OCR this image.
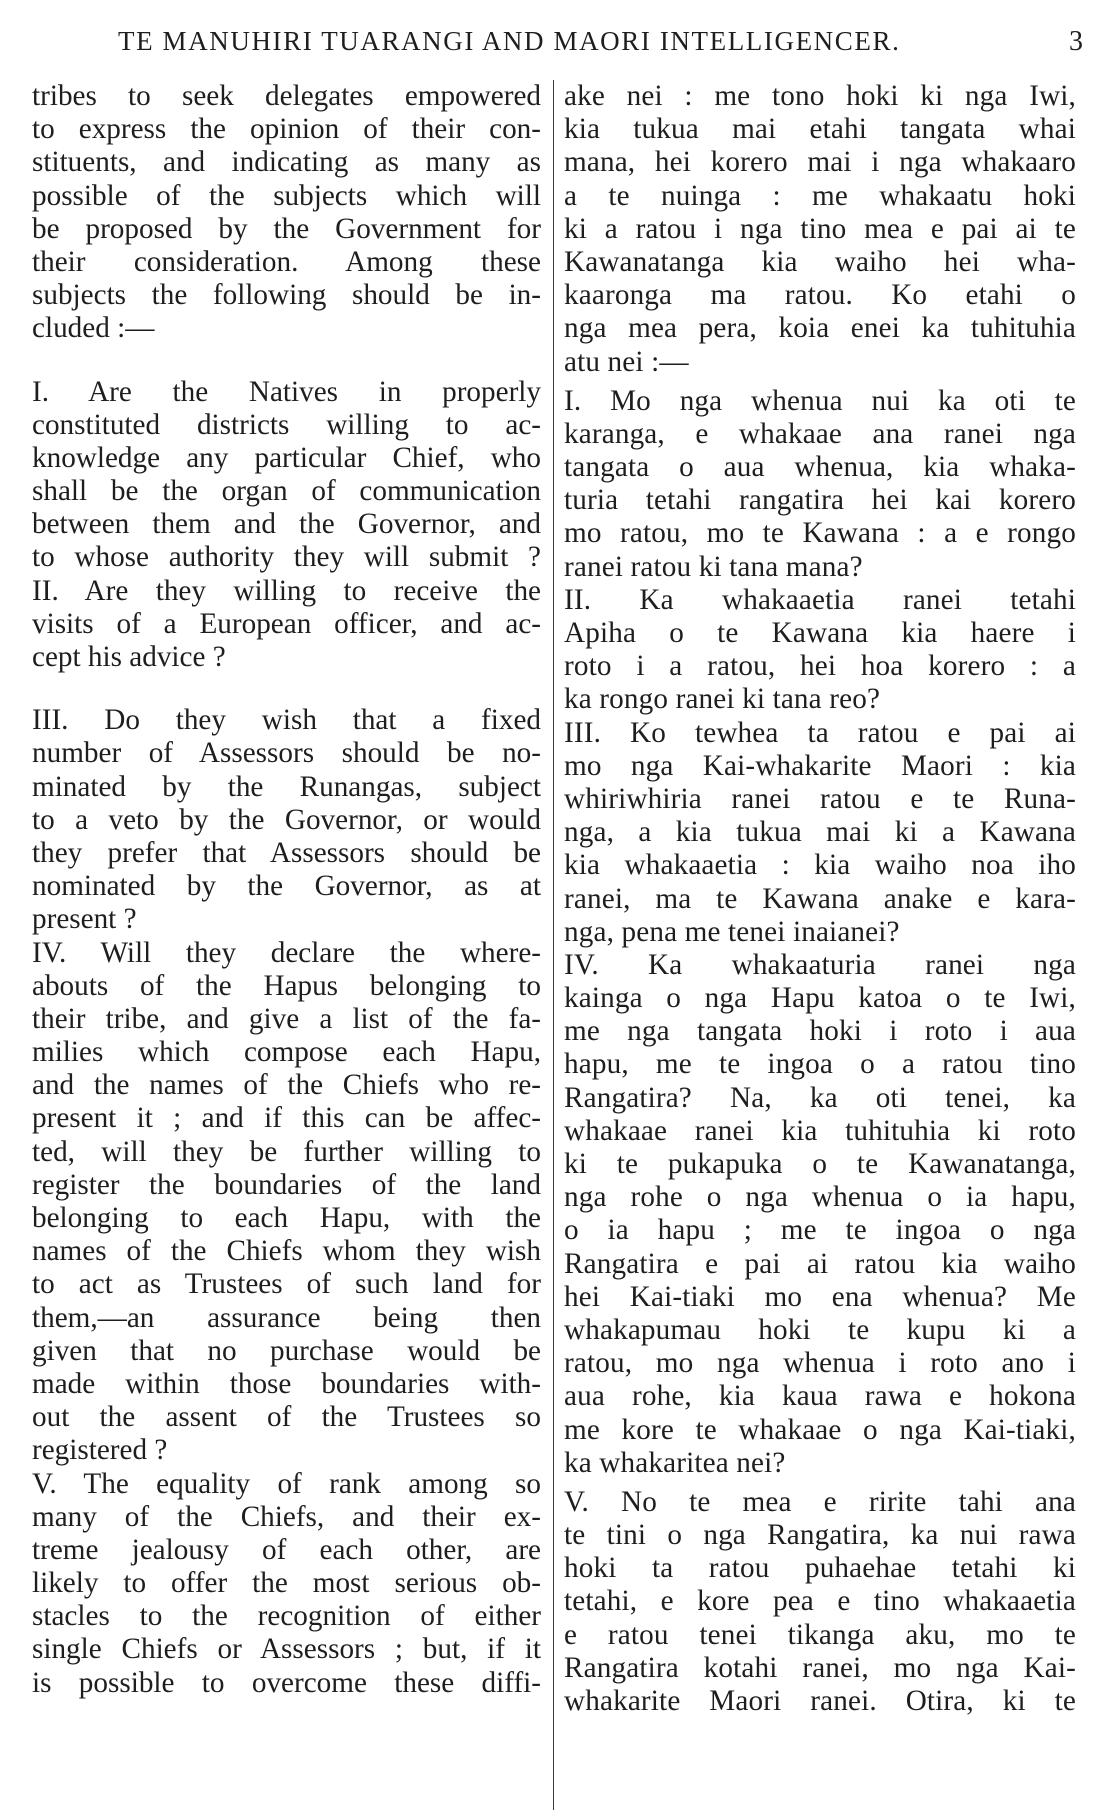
TE MANUHIRI TUARANGI AND MAORI INTELLIGENCER.	3
tribes to seek delegates empowered
to express the opinion of their con-
stituents, and indicating as many as
possible of the subjects which will
be proposed by the Government for
their consideration. Among these
subjects the following should be in-
cluded :—
I. Are the Natives in properly
constituted districts willing to ac-
knowledge any particular Chief, who
shall be the organ of communication
between them and the Governor, and
to whose authority they will submit ?
II. Are they willing to receive the
visits of a European officer, and ac-
cept his advice ?
III. Do they wish that a fixed
number of Assessors should be no-
minated by the Runangas, subject
to a veto by the Governor, or would
they prefer that Assessors should be
nominated by the Governor, as at
present ?
IV. Will they declare the where-
abouts of the Hapus belonging to
their tribe, and give a list of the fa-
milies which compose each Hapu,
and the names of the Chiefs who re-
present it ; and if this can be affec-
ted, will they be further willing to
register the boundaries of the land
belonging to each Hapu, with the
names of the Chiefs whom they wish
to act as Trustees of such land for
them,—an assurance being then
given that no purchase would be
made within those boundaries with-
out the assent of the Trustees so
registered ?
V. The equality of rank among so
many of the Chiefs, and their ex-
treme jealousy of each other, are
likely to offer the most serious ob-
stacles to the recognition of either
single Chiefs or Assessors ; but, if it
is possible to overcome these diffi-
ake nei : me tono hoki ki nga Iwi,
kia tukua mai etahi tangata whai
mana, hei korero mai i nga whakaaro
a te nuinga : me whakaatu hoki
ki a ratou i nga tino mea e pai ai te
Kawanatanga kia waiho hei wha-
kaaronga ma ratou. Ko etahi o
nga mea pera, koia enei ka tuhituhia
atu nei :—
I. Mo nga whenua nui ka oti te
karanga, e whakaae ana ranei nga
tangata o aua whenua, kia whaka-
turia tetahi rangatira hei kai korero
mo ratou, mo te Kawana : a e rongo
ranei ratou ki tana mana?
II. Ka whakaaetia ranei tetahi
Apiha o te Kawana kia haere i
roto i a ratou, hei hoa korero : a
ka rongo ranei ki tana reo?
III. Ko tewhea ta ratou e pai ai
mo nga Kai-whakarite Maori : kia
whiriwhiria ranei ratou e te Runa-
nga, a kia tukua mai ki a Kawana
kia whakaaetia : kia waiho noa iho
ranei, ma te Kawana anake e kara-
nga, pena me tenei inaianei?
IV. Ka whakaaturia ranei nga
kainga o nga Hapu katoa o te Iwi,
me nga tangata hoki i roto i aua
hapu, me te ingoa o a ratou tino
Rangatira? Na, ka oti tenei, ka
whakaae ranei kia tuhituhia ki roto
ki te pukapuka o te Kawanatanga,
nga rohe o nga whenua o ia hapu,
o ia hapu ; me te ingoa o nga
Rangatira e pai ai ratou kia waiho
hei Kai-tiaki mo ena whenua? Me
whakapumau hoki te kupu ki a
ratou, mo nga whenua i roto ano i
aua rohe, kia kaua rawa e hokona
me kore te whakaae o nga Kai-tiaki,
ka whakaritea nei?
V. No te mea e ririte tahi ana
te tini o nga Rangatira, ka nui rawa
hoki ta ratou puhaehae tetahi ki
tetahi, e kore pea e tino whakaaetia
e ratou tenei tikanga aku, mo te
Rangatira kotahi ranei, mo nga Kai-
whakarite Maori ranei. Otira, ki te
